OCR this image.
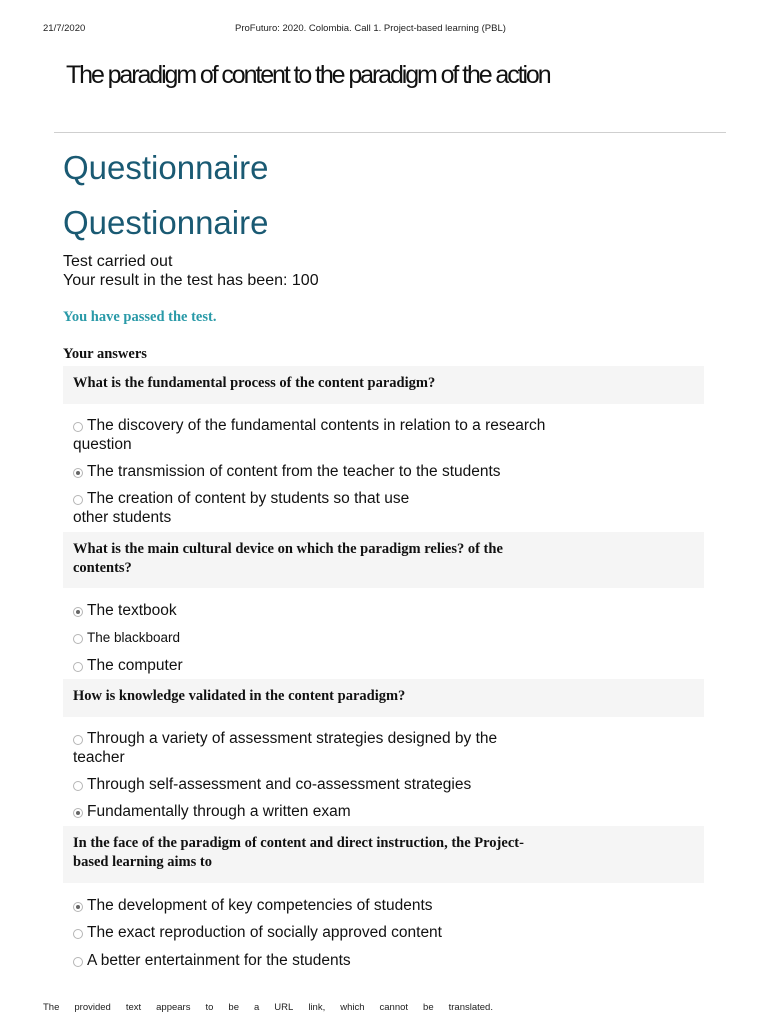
21/7/2020	ProFuturo: 2020. Colombia. Call 1. Project-based learning (PBL)
The paradigm of content to the paradigm of the action
Questionnaire
Questionnaire
Test carried out
Your result in the test has been: 100
You have passed the test.
Your answers
What is the fundamental process of the content paradigm?
The discovery of the fundamental contents in relation to a research question
The transmission of content from the teacher to the students
The creation of content by students so that use other students
What is the main cultural device on which the paradigm relies? of the contents?
The textbook
The blackboard
The computer
How is knowledge validated in the content paradigm?
Through a variety of assessment strategies designed by the teacher
Through self-assessment and co-assessment strategies
Fundamentally through a written exam
In the face of the paradigm of content and direct instruction, the Project-based learning aims to
The development of key competencies of students
The exact reproduction of socially approved content
A better entertainment for the students
The provided text appears to be a URL link, which cannot be translated.
